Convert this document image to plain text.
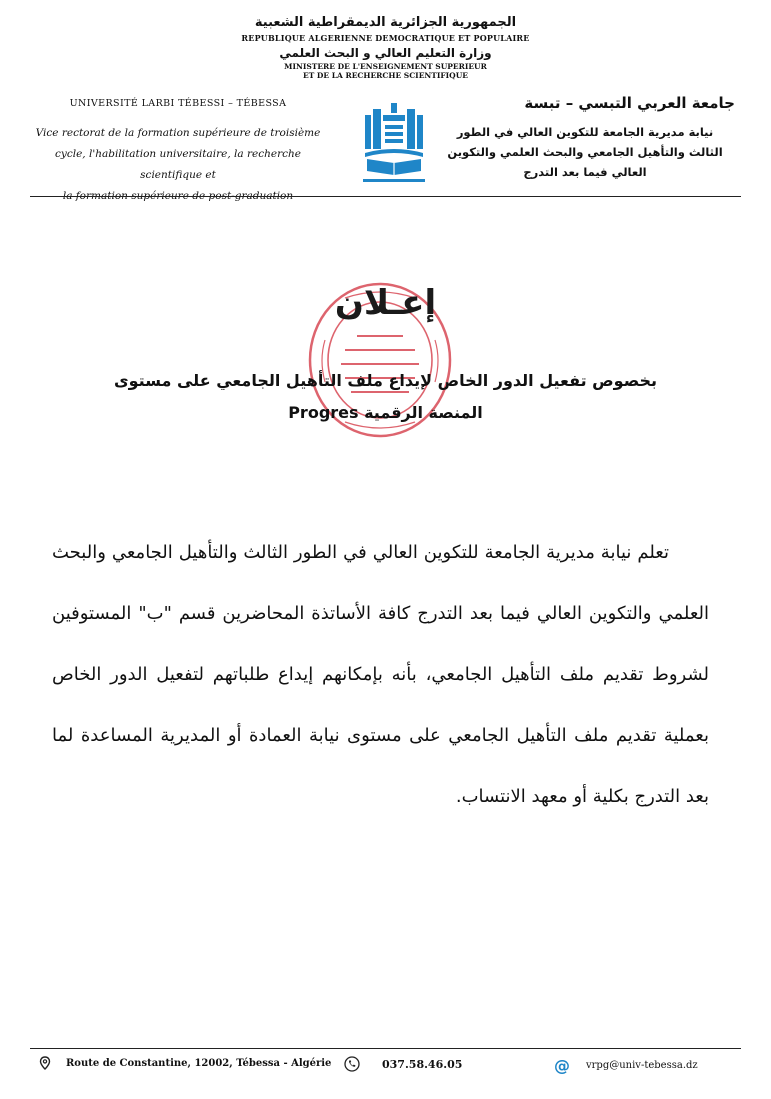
الجمهورية الجزائرية الديمقراطية الشعبية
REPUBLIQUE ALGERIENNE DEMOCRATIQUE ET POPULAIRE
وزارة التعليم العالي و البحث العلمي
MINISTERE DE L'ENSEIGNEMENT SUPERIEUR
ET DE LA RECHERCHE SCIENTIFIQUE
UNIVERSITÉ LARBI TÉBESSI – TÉBESSA
Vice rectorat de la formation supérieure de troisième
cycle, l'habilitation universitaire, la recherche scientifique et
la formation supérieure de post-graduation
جامعة العربي التبسي – تبسة
نيابة مديرية الجامعة للتكوين العالي في الطور
الثالث والتأهيل الجامعي والبحث العلمي والتكوين
العالي فيما بعد التدرج
إعـلان
بخصوص تفعيل الدور الخاص لإيداع ملف التأهيل الجامعي على مستوى
المنصة الرقمية Progres

تعلم نيابة مديرية الجامعة للتكوين العالي في الطور الثالث والتأهيل الجامعي والبحث العلمي والتكوين العالي فيما بعد التدرج كافة الأساتذة المحاضرين قسم "ب" المستوفين لشروط تقديم ملف التأهيل الجامعي، بأنه بإمكانهم إيداع طلباتهم لتفعيل الدور الخاص بعملية تقديم ملف التأهيل الجامعي على مستوى نيابة العمادة أو المديرية المساعدة لما بعد التدرج بكلية أو معهد الانتساب.

Route de Constantine, 12002, Tébessa - Algérie	037.58.46.05	@ vrpg@univ-tebessa.dz
